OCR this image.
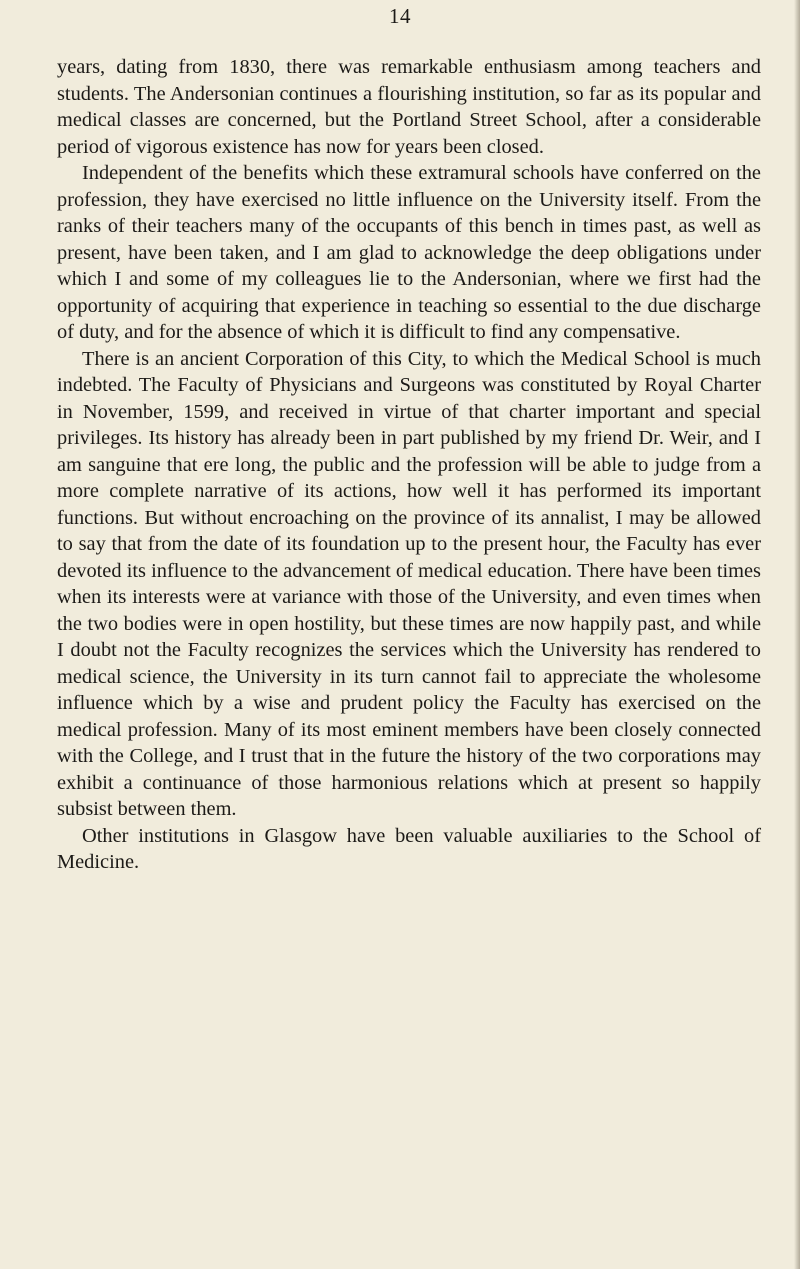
14

years, dating from 1830, there was remarkable enthusiasm among teachers and students. The Andersonian continues a flourishing institution, so far as its popular and medical classes are concerned, but the Portland Street School, after a considerable period of vigorous existence has now for years been closed.

Independent of the benefits which these extramural schools have conferred on the profession, they have exercised no little influence on the University itself. From the ranks of their teachers many of the occupants of this bench in times past, as well as present, have been taken, and I am glad to acknowledge the deep obligations under which I and some of my colleagues lie to the Andersonian, where we first had the opportunity of acquiring that experience in teaching so essential to the due discharge of duty, and for the absence of which it is difficult to find any compensative.

There is an ancient Corporation of this City, to which the Medical School is much indebted. The Faculty of Physicians and Surgeons was constituted by Royal Charter in November, 1599, and received in virtue of that charter important and special privileges. Its history has already been in part published by my friend Dr. Weir, and I am sanguine that ere long, the public and the profession will be able to judge from a more complete narrative of its actions, how well it has performed its important functions. But without encroaching on the province of its annalist, I may be allowed to say that from the date of its foundation up to the present hour, the Faculty has ever devoted its influence to the advancement of medical education. There have been times when its interests were at variance with those of the University, and even times when the two bodies were in open hostility, but these times are now happily past, and while I doubt not the Faculty recognizes the services which the University has rendered to medical science, the University in its turn cannot fail to appreciate the wholesome influence which by a wise and prudent policy the Faculty has exercised on the medical profession. Many of its most eminent members have been closely connected with the College, and I trust that in the future the history of the two corporations may exhibit a continuance of those harmonious relations which at present so happily subsist between them.

Other institutions in Glasgow have been valuable auxiliaries to the School of Medicine.
